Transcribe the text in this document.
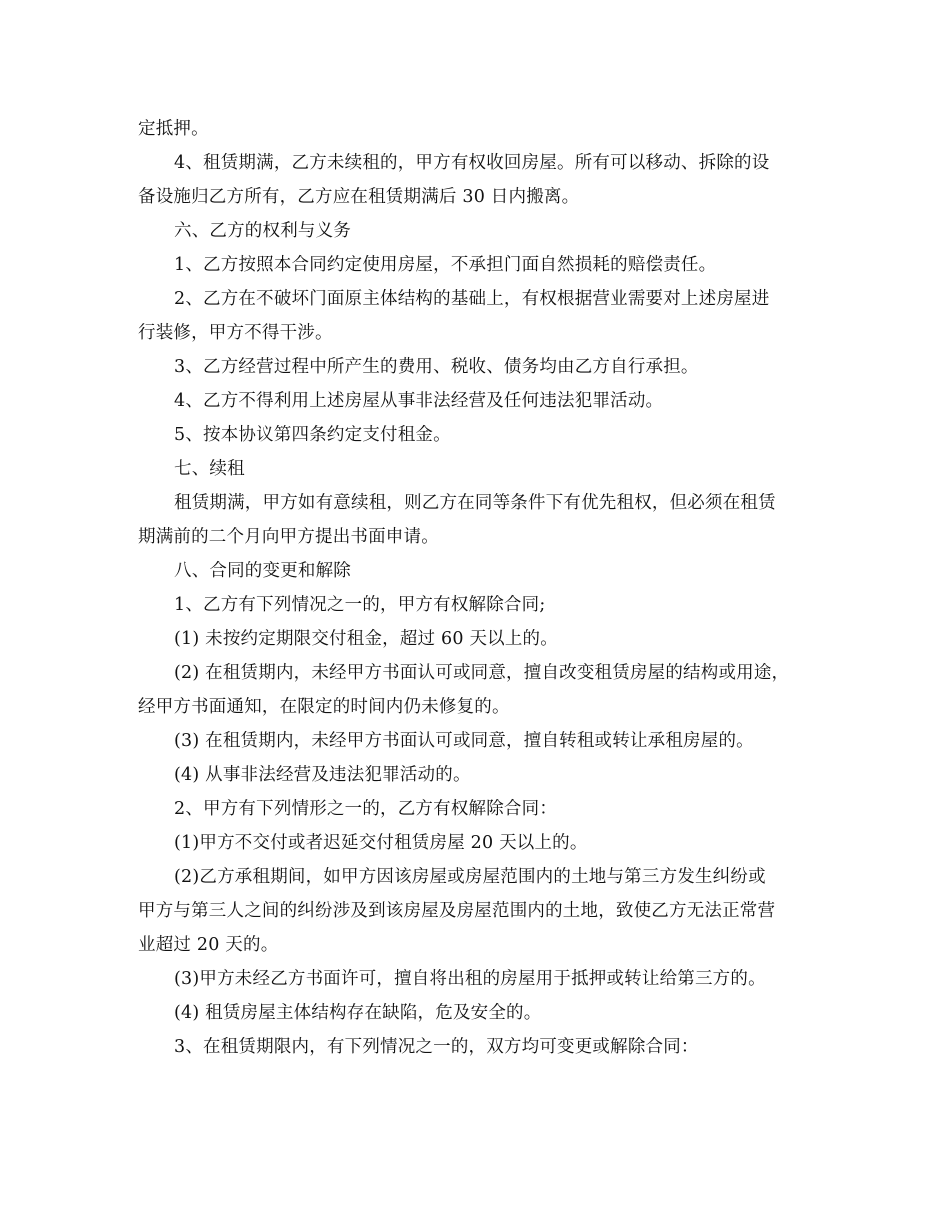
定抵押。
4、租赁期满，乙方未续租的，甲方有权收回房屋。所有可以移动、拆除的设
备设施归乙方所有，乙方应在租赁期满后 30 日内搬离。
六、乙方的权利与义务
1、乙方按照本合同约定使用房屋，不承担门面自然损耗的赔偿责任。
2、乙方在不破坏门面原主体结构的基础上，有权根据营业需要对上述房屋进
行装修，甲方不得干涉。
3、乙方经营过程中所产生的费用、税收、债务均由乙方自行承担。
4、乙方不得利用上述房屋从事非法经营及任何违法犯罪活动。
5、按本协议第四条约定支付租金。
七、续租
租赁期满，甲方如有意续租，则乙方在同等条件下有优先租权，但必须在租赁
期满前的二个月向甲方提出书面申请。
八、合同的变更和解除
1、乙方有下列情况之一的，甲方有权解除合同;
(1) 未按约定期限交付租金，超过 60 天以上的。
(2) 在租赁期内，未经甲方书面认可或同意，擅自改变租赁房屋的结构或用途，
经甲方书面通知，在限定的时间内仍未修复的。
(3) 在租赁期内，未经甲方书面认可或同意，擅自转租或转让承租房屋的。
(4) 从事非法经营及违法犯罪活动的。
2、甲方有下列情形之一的，乙方有权解除合同：
(1)甲方不交付或者迟延交付租赁房屋 20 天以上的。
(2)乙方承租期间，如甲方因该房屋或房屋范围内的土地与第三方发生纠纷或
甲方与第三人之间的纠纷涉及到该房屋及房屋范围内的土地，致使乙方无法正常营
业超过 20 天的。
(3)甲方未经乙方书面许可，擅自将出租的房屋用于抵押或转让给第三方的。
(4) 租赁房屋主体结构存在缺陷，危及安全的。
3、在租赁期限内，有下列情况之一的，双方均可变更或解除合同：
